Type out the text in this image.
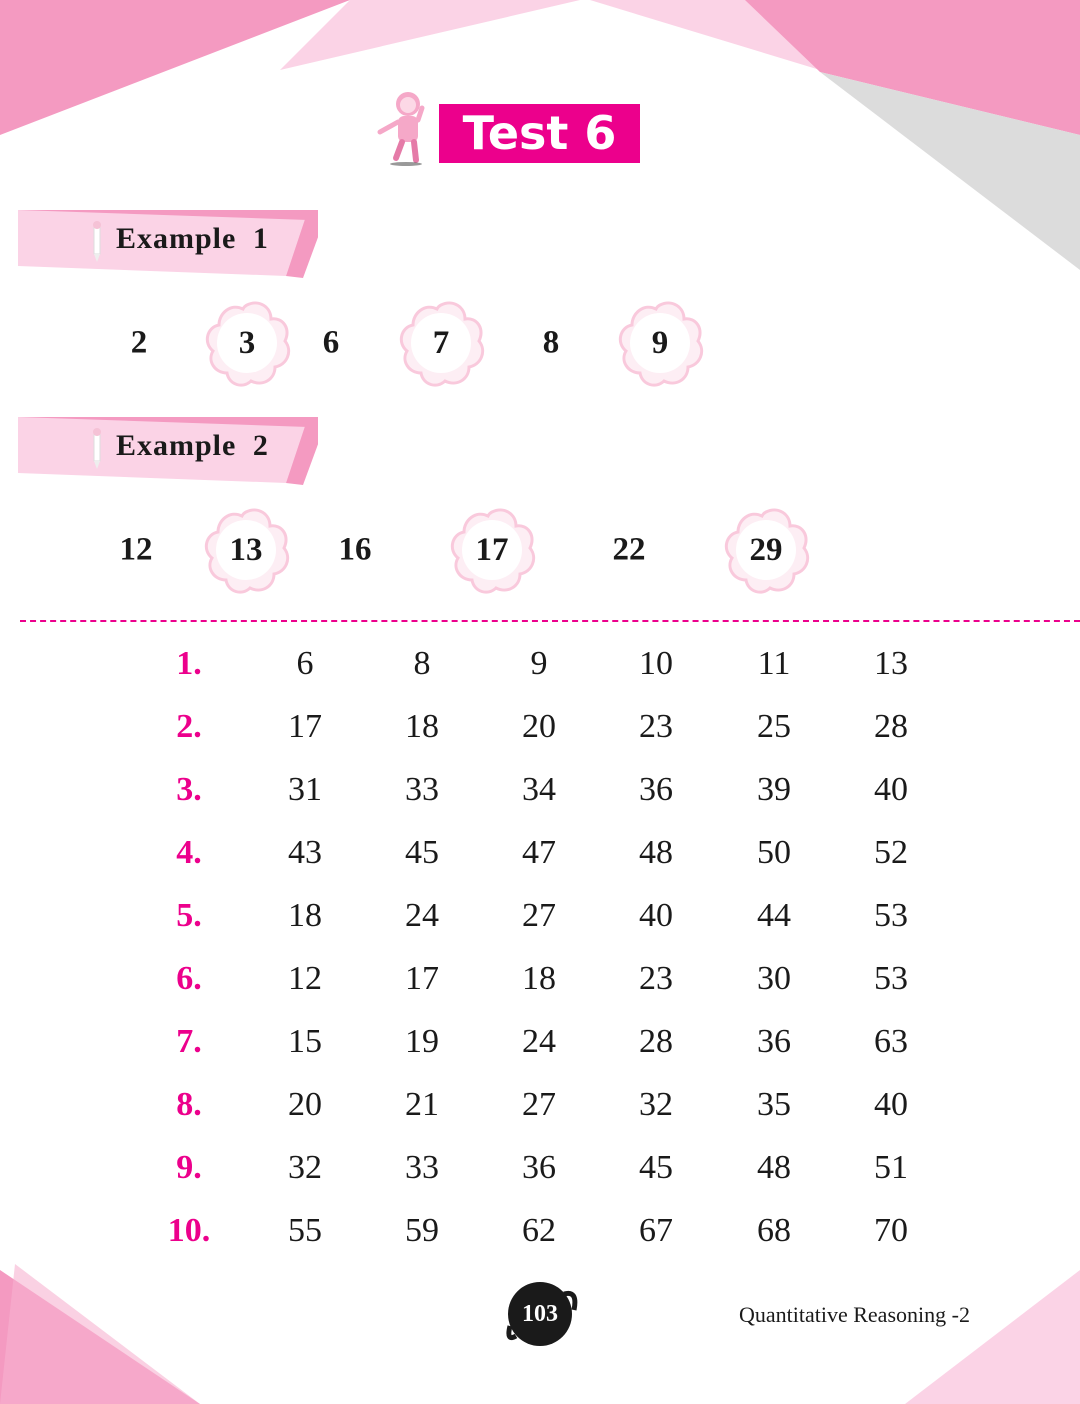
Test 6
Example 1
2	3	6	7	8	9
Example 2
12	13	16	17	22	29
1.	6	8	9	10 11 13
2.	17 18 20 23 25 28
3.	31 33 34 36 39 40
4.	43 45 47 48 50 52
5.	18 24 27 40 44 53
6.	12 17 18 23 30 53
7.	15 19 24 28 36 63
8.	20 21 27 32 35 40
9.	32 33 36 45 48 51
10. 55 59 62 67 68 70
103	Quantitative Reasoning -2
